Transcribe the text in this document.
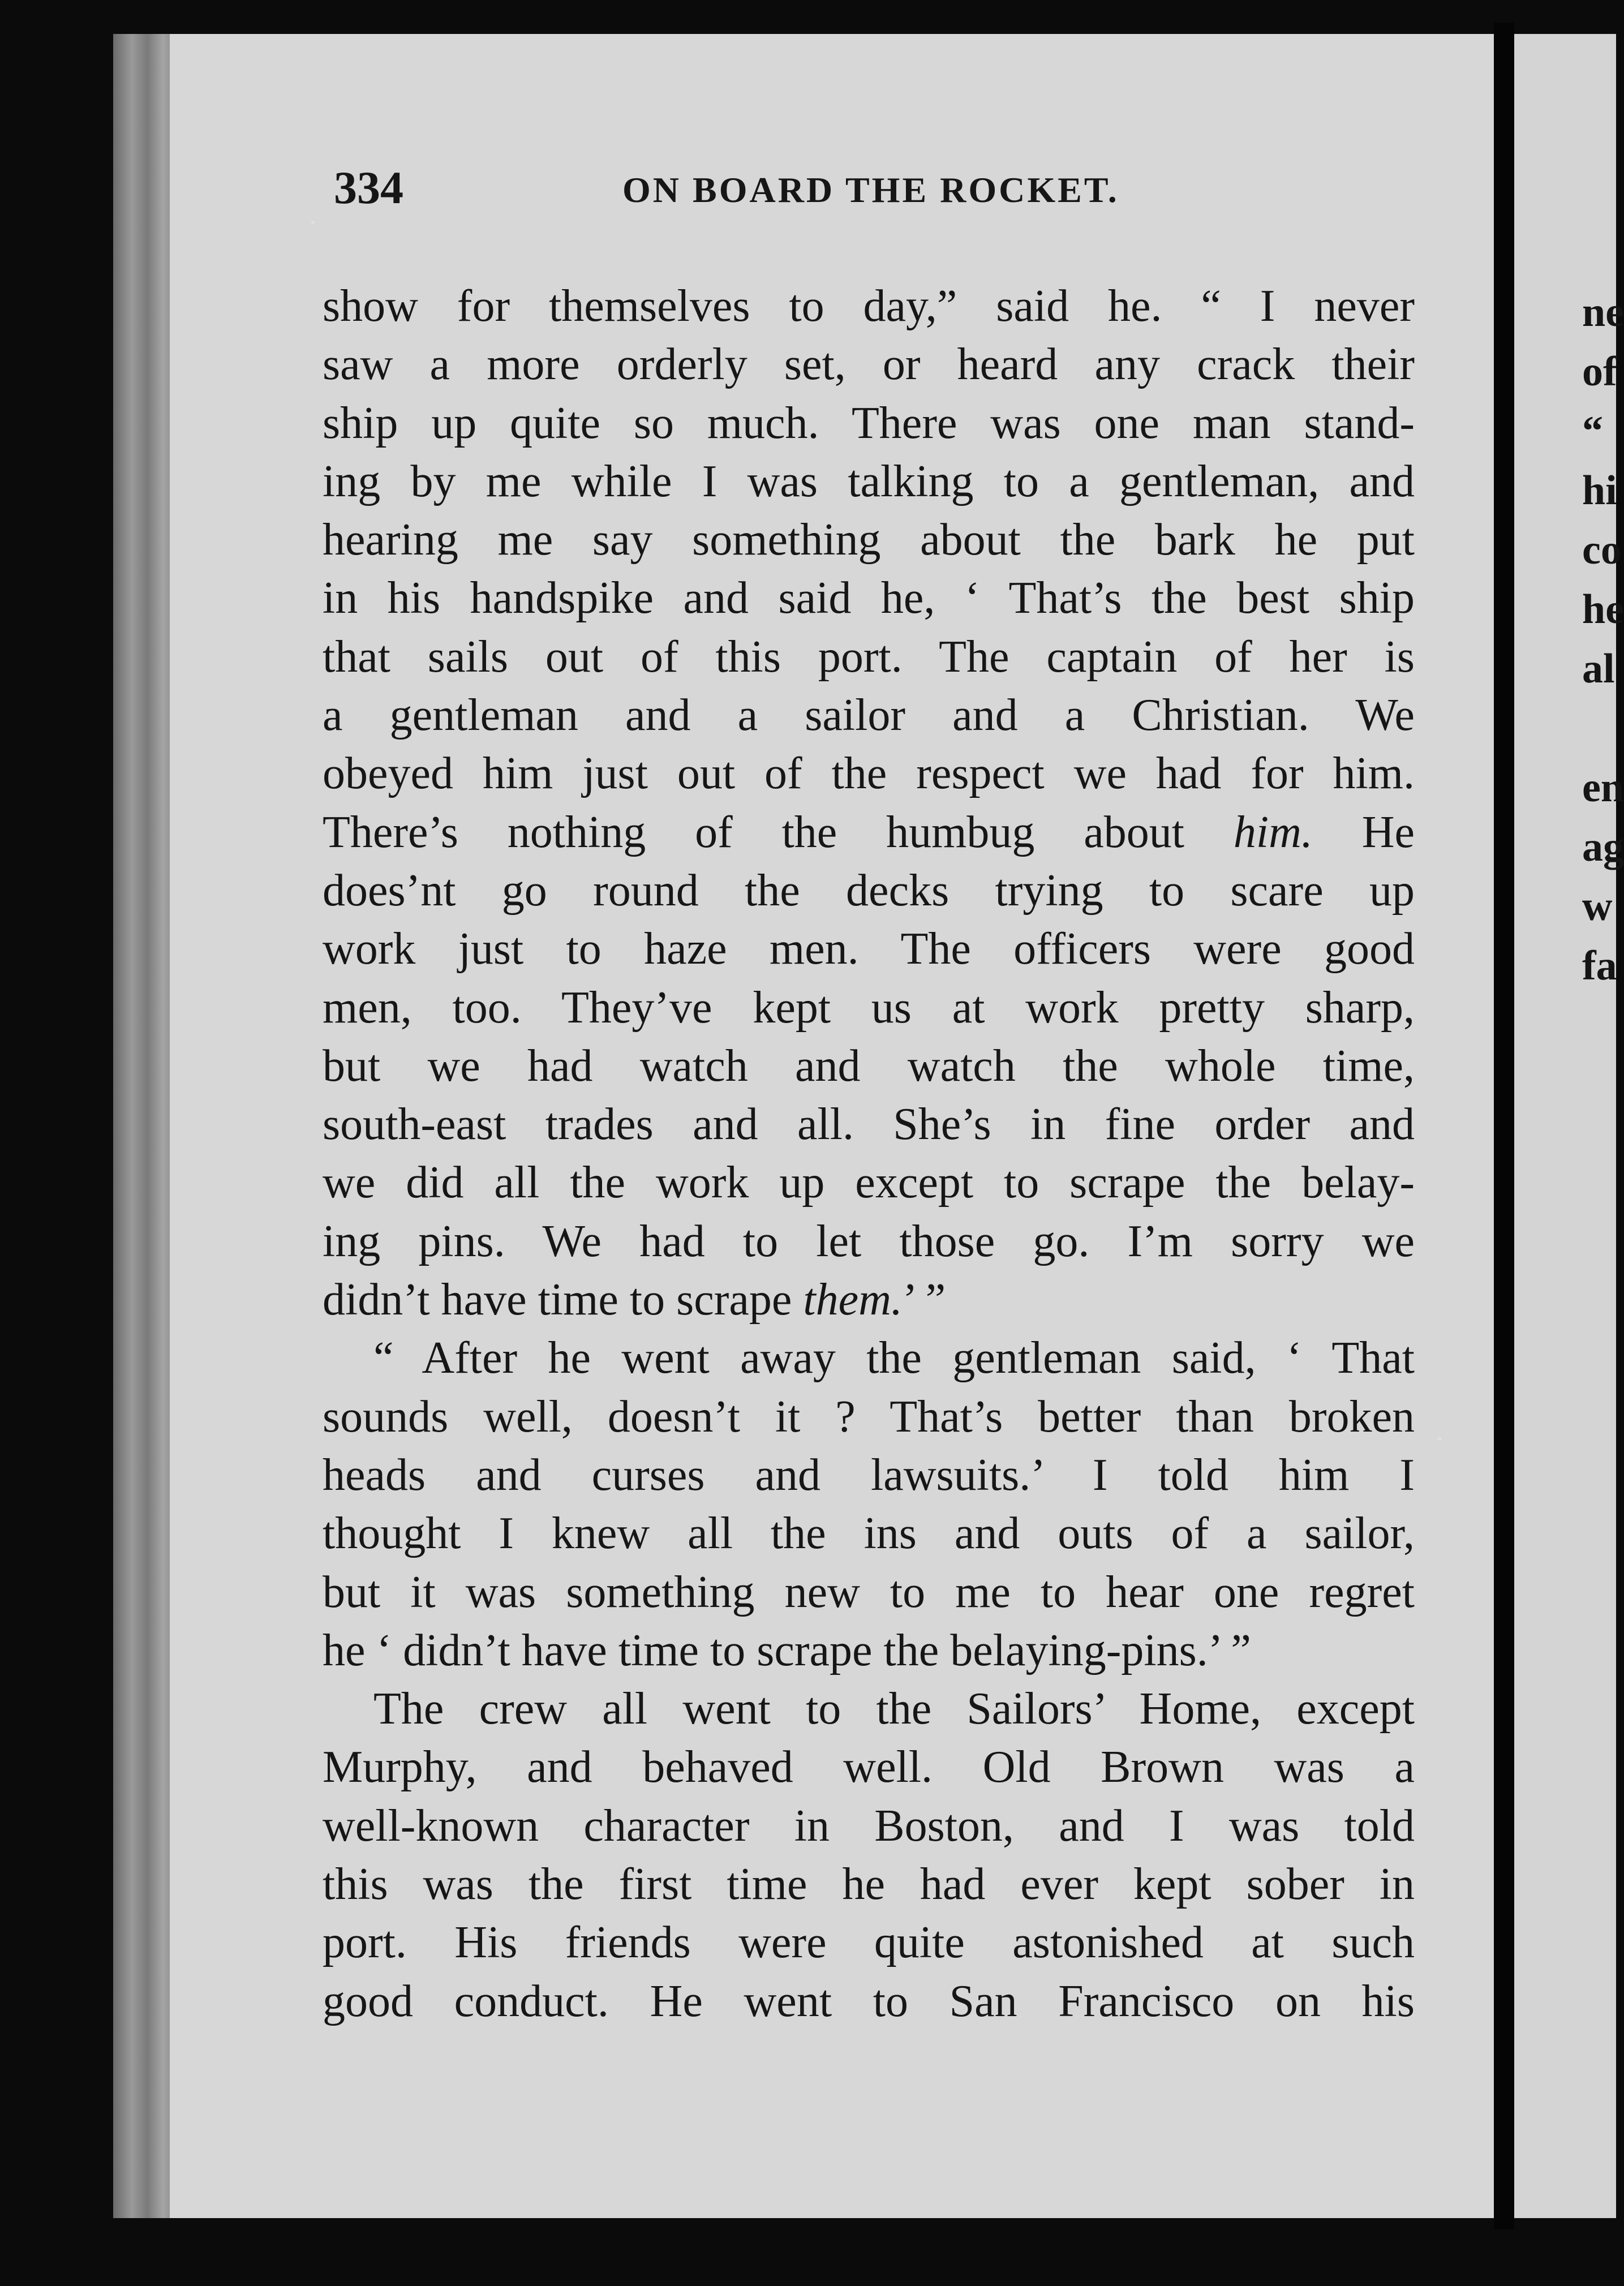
334	ON BOARD THE ROCKET.
show for themselves to day,” said he. “ I never
saw a more orderly set, or heard any crack their
ship up quite so much. There was one man stand-
ing by me while I was talking to a gentleman, and
hearing me say something about the bark he put
in his handspike and said he, ‘ That’s the best ship
that sails out of this port. The captain of her is
a gentleman and a sailor and a Christian. We
obeyed him just out of the respect we had for him.
There’s nothing of the humbug about him. He
does’nt go round the decks trying to scare up
work just to haze men. The officers were good
men, too. They’ve kept us at work pretty sharp,
but we had watch and watch the whole time,
south-east trades and all. She’s in fine order and
we did all the work up except to scrape the belay-
ing pins. We had to let those go. I’m sorry we
didn’t have time to scrape them.’ ”
“ After he went away the gentleman said, ‘ That
sounds well, doesn’t it ? That’s better than broken
heads and curses and lawsuits.’ I told him I
thought I knew all the ins and outs of a sailor,
but it was something new to me to hear one regret
he ‘ didn’t have time to scrape the belaying-pins.’ ”
The crew all went to the Sailors’ Home, except
Murphy, and behaved well. Old Brown was a
well-known character in Boston, and I was told
this was the first time he had ever kept sober in
port. His friends were quite astonished at such
good conduct. He went to San Francisco on his
ne
of
“
hi
co
he
al
en
ag
w
fa
